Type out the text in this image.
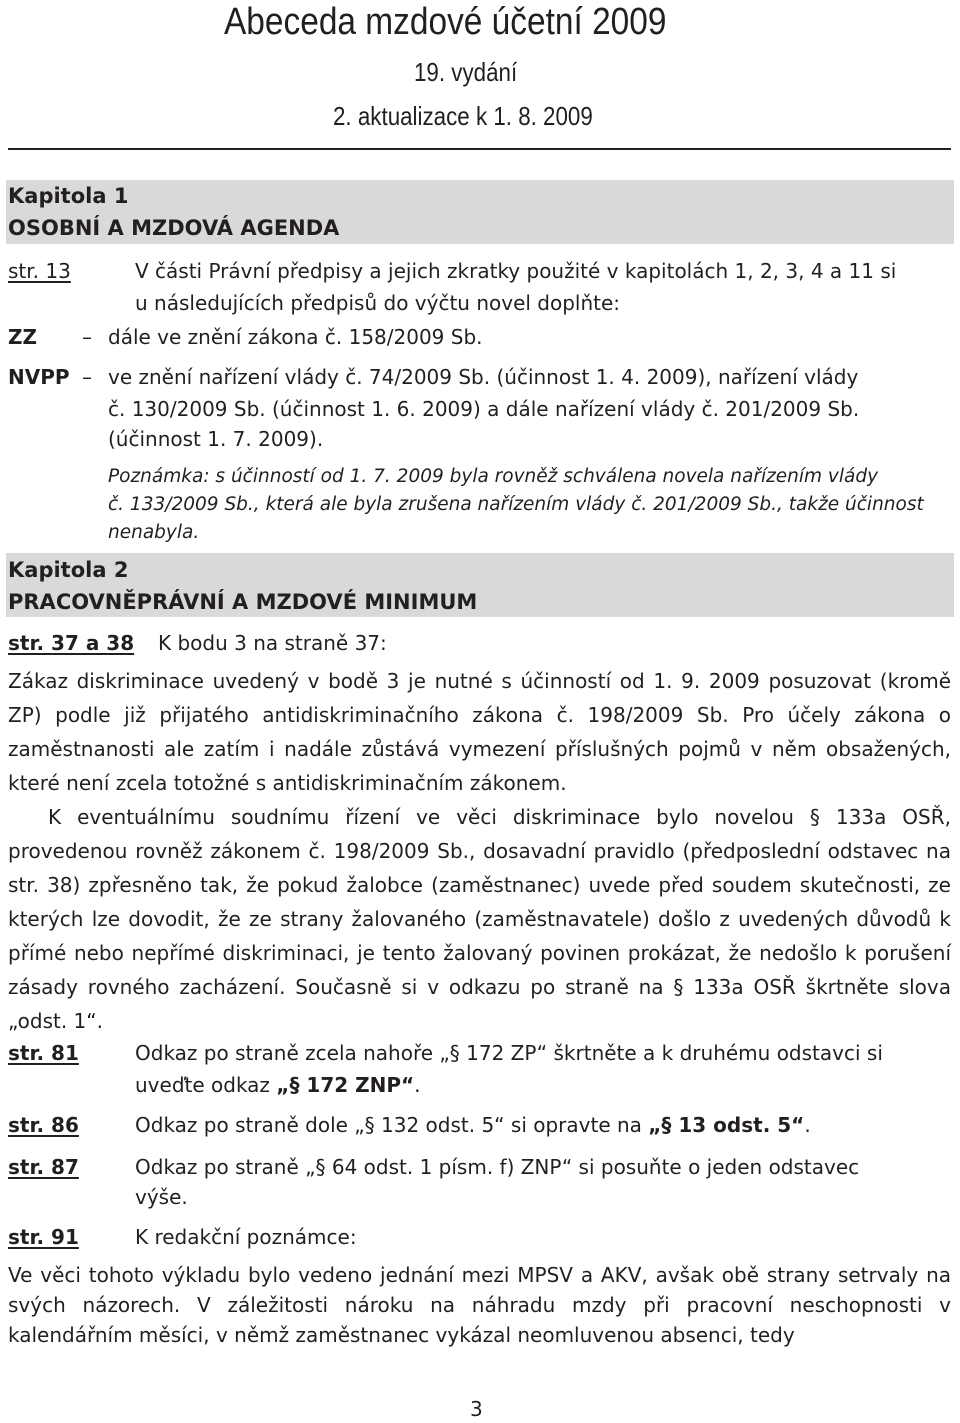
Abeceda mzdové účetní 2009
19. vydání
2. aktualizace k 1. 8. 2009
Kapitola 1
OSOBNÍ A MZDOVÁ AGENDA
str. 13	V části Právní předpisy a jejich zkratky použité v kapitolách 1, 2, 3, 4 a 11 si
u následujících předpisů do výčtu novel doplňte:
ZZ – dále ve znění zákona č. 158/2009 Sb.
NVPP – ve znění nařízení vlády č. 74/2009 Sb. (účinnost 1. 4. 2009), nařízení vlády
č. 130/2009 Sb. (účinnost 1. 6. 2009) a dále nařízení vlády č. 201/2009 Sb.
(účinnost 1. 7. 2009).
Poznámka: s účinností od 1. 7. 2009 byla rovněž schválena novela nařízením vlády
č. 133/2009 Sb., která ale byla zrušena nařízením vlády č. 201/2009 Sb., takže účinnost
nenabyla.
Kapitola 2
PRACOVNĚPRÁVNÍ A MZDOVÉ MINIMUM
str. 37 a 38 K bodu 3 na straně 37:

Zákaz diskriminace uvedený v bodě 3 je nutné s účinností od 1. 9. 2009 posuzovat (kromě ZP) podle již přijatého antidiskriminačního zákona č. 198/2009 Sb. Pro účely zákona o zaměstnanosti ale zatím i nadále zůstává vymezení příslušných pojmů v něm obsažených, které není zcela totožné s antidiskriminačním zákonem.

K eventuálnímu soudnímu řízení ve věci diskriminace bylo novelou § 133a OSŘ, provedenou rovněž zákonem č. 198/2009 Sb., dosavadní pravidlo (předposlední odstavec na str. 38) zpřesněno tak, že pokud žalobce (zaměstnanec) uvede před soudem skutečnosti, ze kterých lze dovodit, že ze strany žalovaného (zaměstnavatele) došlo z uvedených důvodů k přímé nebo nepřímé diskriminaci, je tento žalovaný povinen prokázat, že nedošlo k porušení zásady rovného zacházení. Současně si v odkazu po straně na § 133a OSŘ škrtněte slova „odst. 1“.

str. 81	Odkaz po straně zcela nahoře „§ 172 ZP“ škrtněte a k druhému odstavci si
uveďte odkaz „§ 172 ZNP“.
str. 86	Odkaz po straně dole „§ 132 odst. 5“ si opravte na „§ 13 odst. 5“.
str. 87	Odkaz po straně „§ 64 odst. 1 písm. f) ZNP“ si posuňte o jeden odstavec
výše.
str. 91	K redakční poznámce:
Ve věci tohoto výkladu bylo vedeno jednání mezi MPSV a AKV, avšak obě strany setrvaly na svých názorech. V záležitosti nároku na náhradu mzdy při pracovní neschopnosti v kalendářním měsíci, v němž zaměstnanec vykázal neomluvenou absenci, tedy
3
